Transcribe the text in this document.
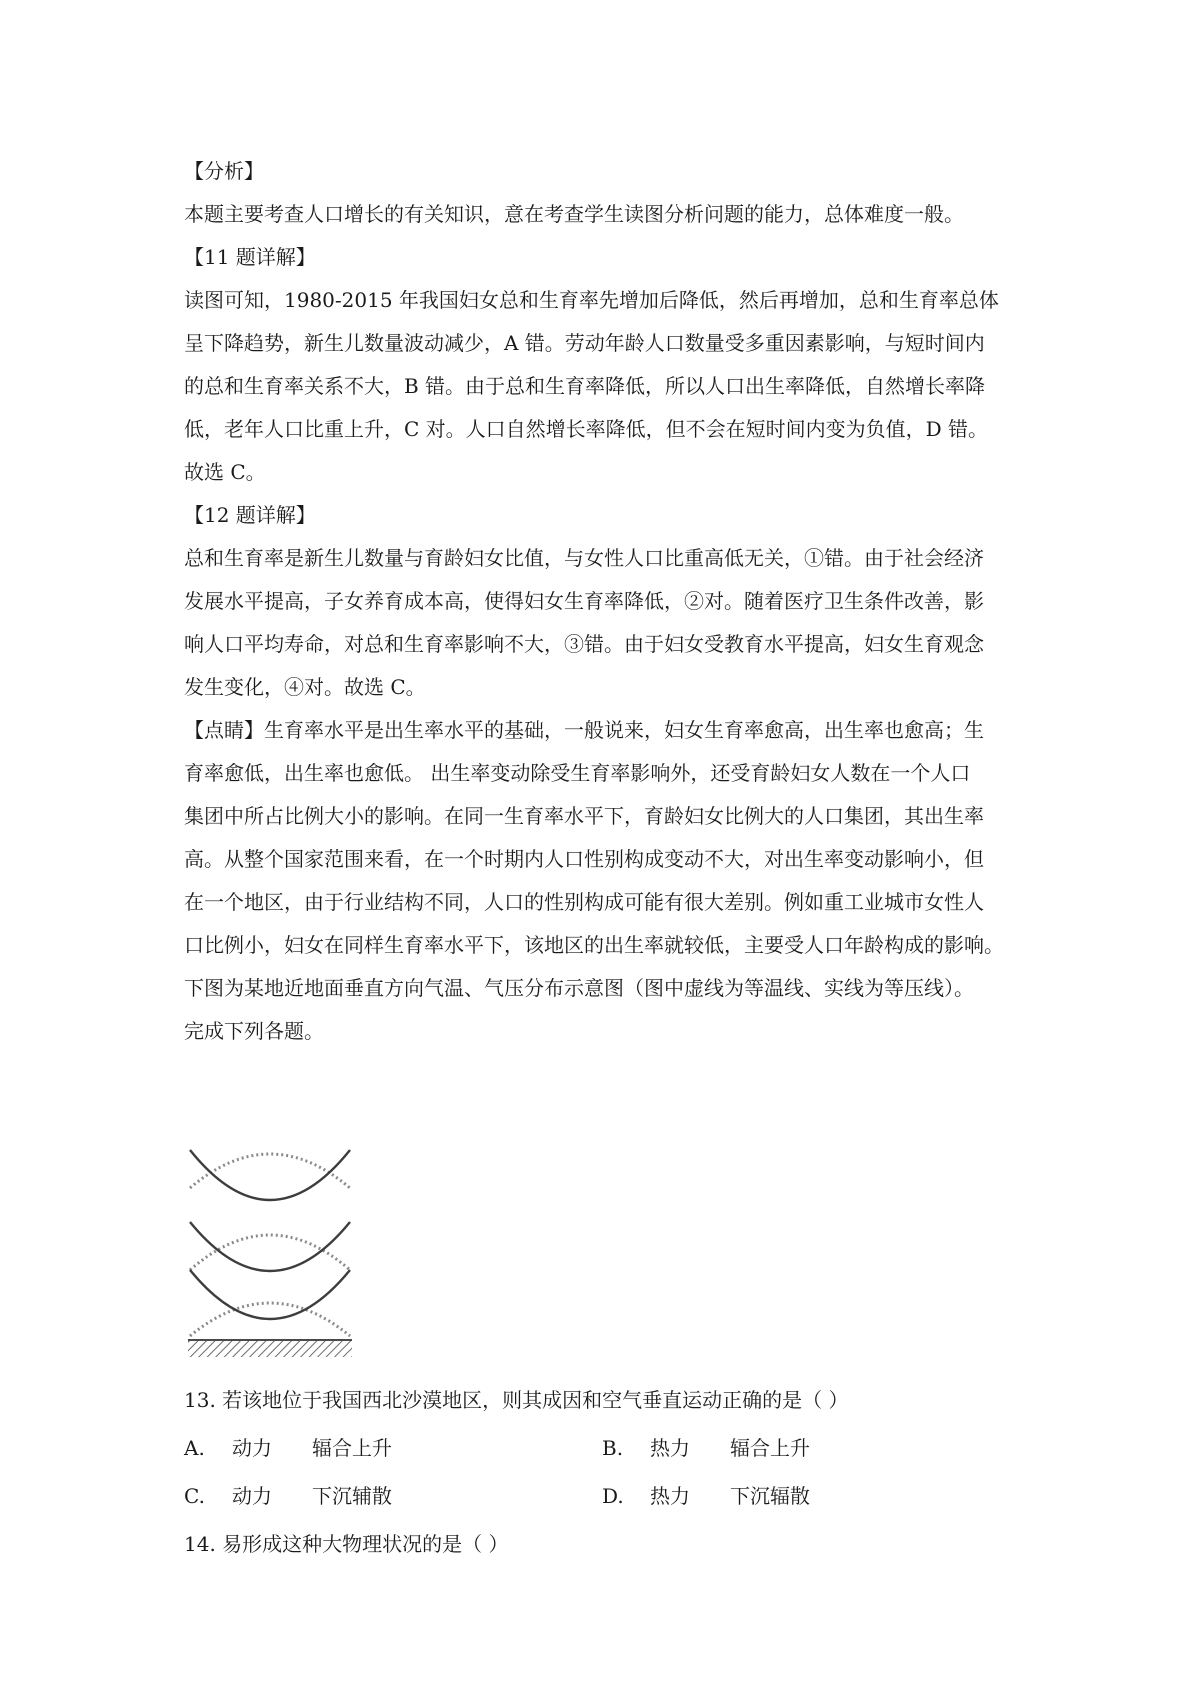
【分析】

本题主要考查人口增长的有关知识，意在考查学生读图分析问题的能力，总体难度一般。

【11 题详解】

读图可知，1980-2015 年我国妇女总和生育率先增加后降低，然后再增加，总和生育率总体
呈下降趋势，新生儿数量波动减少，A 错。劳动年龄人口数量受多重因素影响，与短时间内
的总和生育率关系不大，B 错。由于总和生育率降低，所以人口出生率降低，自然增长率降
低，老年人口比重上升，C 对。人口自然增长率降低，但不会在短时间内变为负值，D 错。
故选 C。

【12 题详解】

总和生育率是新生儿数量与育龄妇女比值，与女性人口比重高低无关，①错。由于社会经济
发展水平提高，子女养育成本高，使得妇女生育率降低，②对。随着医疗卫生条件改善，影
响人口平均寿命，对总和生育率影响不大，③错。由于妇女受教育水平提高，妇女生育观念
发生变化，④对。故选 C。

【点睛】生育率水平是出生率水平的基础，一般说来，妇女生育率愈高，出生率也愈高；生
育率愈低，出生率也愈低。 出生率变动除受生育率影响外，还受育龄妇女人数在一个人口
集团中所占比例大小的影响。在同一生育率水平下，育龄妇女比例大的人口集团，其出生率
高。从整个国家范围来看，在一个时期内人口性别构成变动不大，对出生率变动影响小，但
在一个地区，由于行业结构不同，人口的性别构成可能有很大差别。例如重工业城市女性人
口比例小，妇女在同样生育率水平下，该地区的出生率就较低，主要受人口年龄构成的影响。

下图为某地近地面垂直方向气温、气压分布示意图（图中虚线为等温线、实线为等压线）。
完成下列各题。

13. 若该地位于我国西北沙漠地区，则其成因和空气垂直运动正确的是（ ）
A. 动力 辐合上升	B. 热力 辐合上升
C. 动力 下沉辅散	D. 热力 下沉辐散
14. 易形成这种大物理状况的是（ ）
